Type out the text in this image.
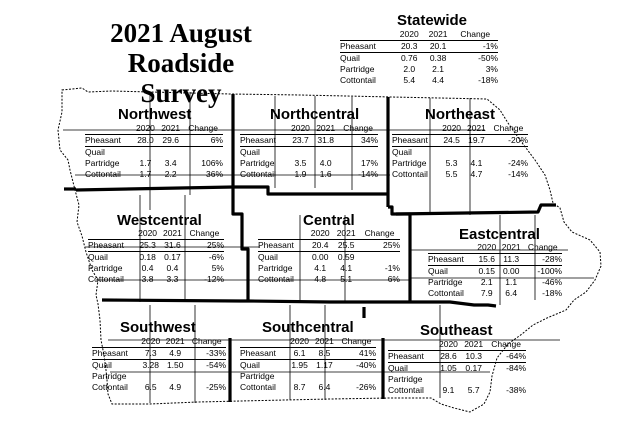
2021 August
Roadside Survey
Statewide
Northwest	Northcentral	Northeast
Westcentral	Central
Eastcentral
Southwest	Southcentral	Southeast
	2020	2021	Change
Pheasant	20.3	20.1	-1%
Quail	0.76	0.38	-50%
Partridge	2.0	2.1	3%
Cottontail	5.4	4.4	-18%
	2020	2021	Change
Pheasant	28.0	29.6	6%
Quail			
Partridge	1.7	3.4	106%
Cottontail	1.7	2.2	36%
	2020	2021	Change
Pheasant	23.7	31.8	34%
Quail			
Partridge	3.5	4.0	17%
Cottontail	1.9	1.6	-14%
	2020	2021	Change
Pheasant	24.5	19.7	-20%
Quail			
Partridge	5.3	4.1	-24%
Cottontail	5.5	4.7	-14%
	2020	2021	Change
Pheasant	25.3	31.6	25%
Quail	0.18	0.17	-6%
Partridge	0.4	0.4	5%
Cottontail	3.8	3.3	-12%
	2020	2021	Change
Pheasant	20.4	25.5	25%
Quail	0.00	0.59	
Partridge	4.1	4.1	-1%
Cottontail	4.8	5.1	6%
	2020	2021	Change
Pheasant	15.6	11.3	-28%
Quail	0.15	0.00	-100%
Partridge	2.1	1.1	-46%
Cottontail	7.9	6.4	-18%
	2020	2021	Change
Pheasant	7.3	4.9	-33%
Quail	3.28	1.50	-54%
Partridge			
Cottontail	6.5	4.9	-25%
	2020	2021	Change
Pheasant	6.1	8.5	41%
Quail	1.95	1.17	-40%
Partridge			
Cottontail	8.7	6.4	-26%
	2020	2021	Change
Pheasant	28.6	10.3	-64%
Quail	1.05	0.17	-84%
Partridge			
Cottontail	9.1	5.7	-38%
